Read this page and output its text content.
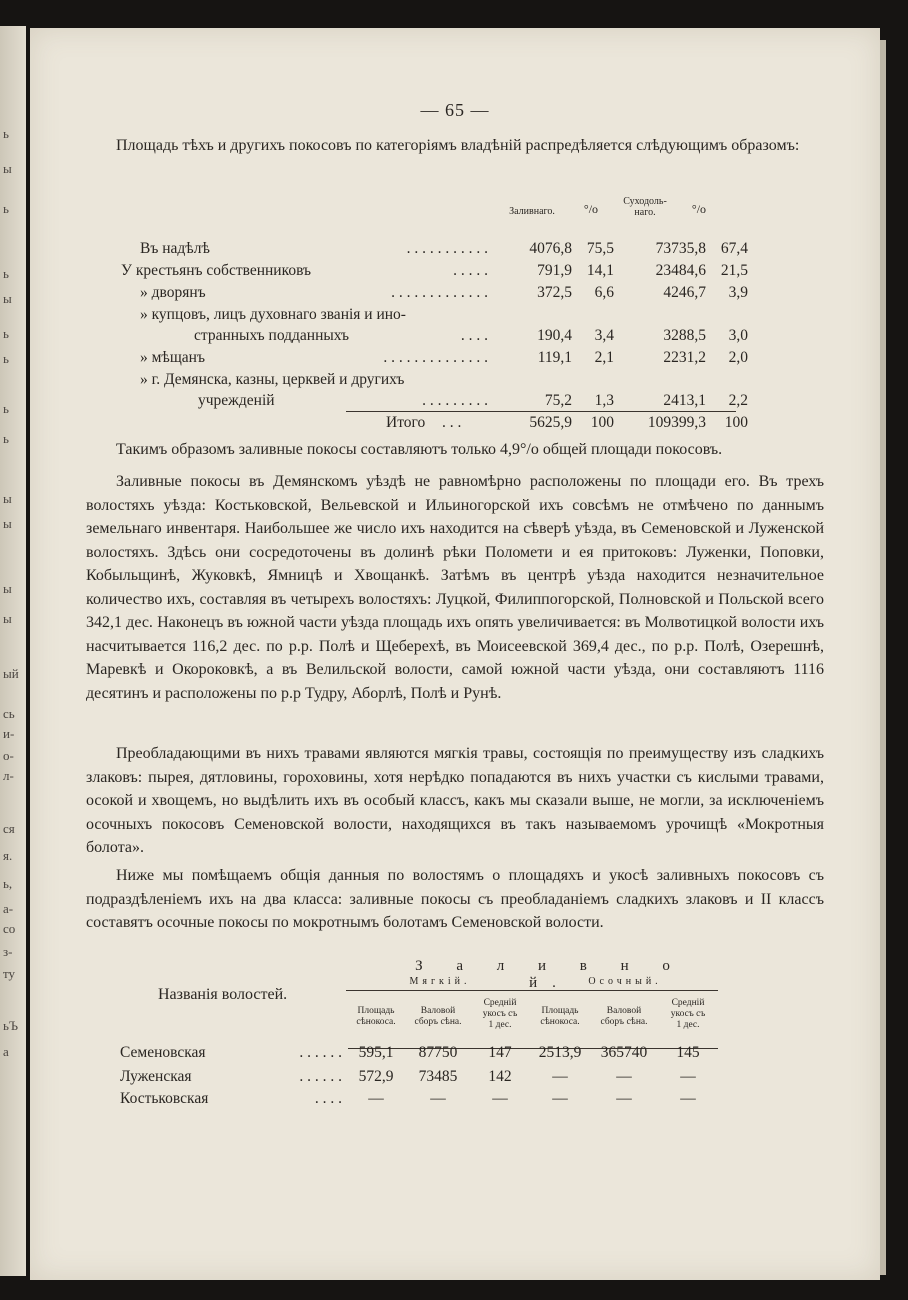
ь
ы
ь
ь
ы
ь
ь
ь
ь
ы
ы
ы
ы
ый
сь
и-
о-
л-
ся
я.
ь,
а-
со
з-
ту
ьЪ
а
— 65 —
Площадь тѣхъ и другихъ покосовъ по категоріямъ владѣній распредѣляется слѣдующимъ образомъ:
Заливнаго.	°/о
Суходоль-
наго.	°/о
Въ надѣлѣ	. . . . . . . . . . .	4076,8 75,5	73735,8 67,4
У крестьянъ собственниковъ	. . . . .	791,9 14,1	23484,6 21,5
» дворянъ	. . . . . . . . . . . . .	372,5	6,6	4246,7	3,9
» купцовъ, лицъ духовнаго званія и ино-
странныхъ подданныхъ	. . . .	190,4	3,4	3288,5	3,0
» мѣщанъ	. . . . . . . . . . . . . .	119,1	2,1	2231,2	2,0
» г. Демянска, казны, церквей и другихъ
учрежденій	. . . . . . . . .	75,2	1,3	2413,1	2,2
Итого . . .	5625,9	100	109399,3	100
Такимъ образомъ заливные покосы составляютъ только 4,9°/о общей площади покосовъ.
Заливные покосы въ Демянскомъ уѣздѣ не равномѣрно расположены по площади его. Въ трехъ волостяхъ уѣзда: Костьковской, Вельевской и Ильиногорской ихъ совсѣмъ не отмѣчено по даннымъ земельнаго инвентаря. Наибольшее же число ихъ находится на сѣверѣ уѣзда, въ Семеновской и Луженской волостяхъ. Здѣсь они сосредоточены въ долинѣ рѣки Поломети и ея притоковъ: Луженки, Поповки, Кобыльщинѣ, Жуковкѣ, Ямницѣ и Хвощанкѣ. Затѣмъ въ центрѣ уѣзда находится незначительное количество ихъ, составляя въ четырехъ волостяхъ: Луцкой, Филиппогорской, Полновской и Польской всего 342,1 дес. Наконецъ въ южной части уѣзда площадь ихъ опять увеличивается: въ Молвотицкой волости ихъ насчитывается 116,2 дес. по р.р. Полѣ и Щеберехѣ, въ Моисеевской 369,4 дес., по р.р. Полѣ, Озерешнѣ, Маревкѣ и Окороковкѣ, а въ Велильской волости, самой южной части уѣзда, они составляютъ 1116 десятинъ и расположены по р.р Тудру, Аборлѣ, Полѣ и Рунѣ.
Преобладающими въ нихъ травами являются мягкія травы, состоящія по преимуществу изъ сладкихъ злаковъ: пырея, дятловины, гороховины, хотя нерѣдко попадаются въ нихъ участки съ кислыми травами, осокой и хвощемъ, но выдѣлить ихъ въ особый классъ, какъ мы сказали выше, не могли, за исключеніемъ осочныхъ покосовъ Семеновской волости, находящихся въ такъ называемомъ урочищѣ «Мокротныя болота».
Ниже мы помѣщаемъ общія данныя по волостямъ о площадяхъ и укосѣ заливныхъ покосовъ съ подраздѣленіемъ ихъ на два класса: заливные покосы съ преобладаніемъ сладкихъ злаковъ и II классъ составятъ осочные покосы по мокротнымъ болотамъ Семеновской волости.
З а л и в н о й.
Названія волостей.
Мягкій.	Осочный.
Площадь
сѣнокоса.
Валовой
сборъ сѣна.
Средній
укосъ съ
1 дес.
Площадь
сѣнокоса.
Валовой
сборъ сѣна.
Средній
укосъ съ
1 дес.
Семеновская	. . . . . .	595,1	87750	147	2513,9	365740	145
Луженская	. . . . . .	572,9	73485	142	—	—	—
Костьковская	. . . .	—	—	—	—	—	—
